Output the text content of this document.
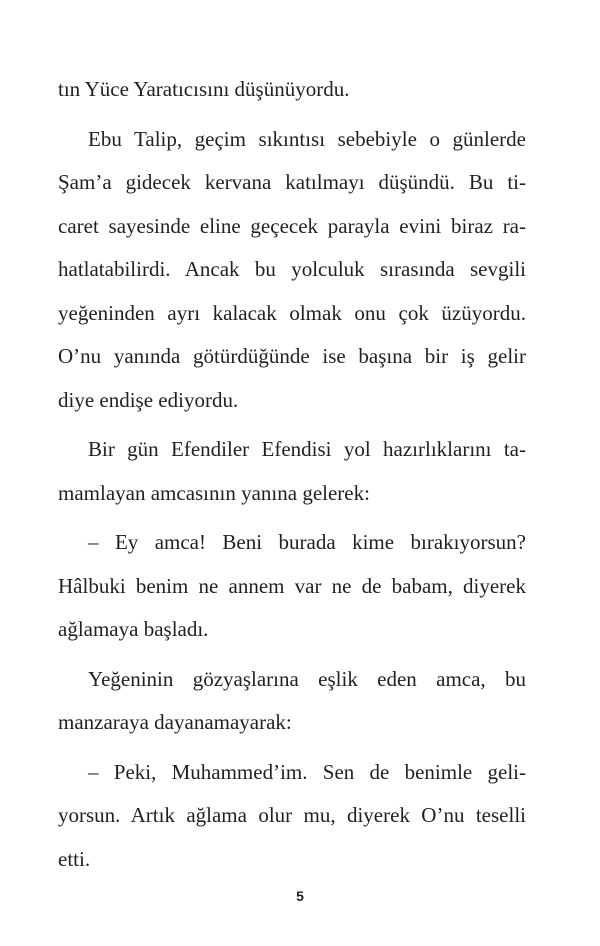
tın Yüce Yaratıcısını düşünüyordu.
Ebu Talip, geçim sıkıntısı sebebiyle o günlerde
Şam’a gidecek kervana katılmayı düşündü. Bu ti-
caret sayesinde eline geçecek parayla evini biraz ra-
hatlatabilirdi. Ancak bu yolculuk sırasında sevgili
yeğeninden ayrı kalacak olmak onu çok üzüyordu.
O’nu yanında götürdüğünde ise başına bir iş gelir
diye endişe ediyordu.
Bir gün Efendiler Efendisi yol hazırlıklarını ta-
mamlayan amcasının yanına gelerek:
– Ey amca! Beni burada kime bırakıyorsun?
Hâlbuki benim ne annem var ne de babam, diyerek
ağlamaya başladı.
Yeğeninin gözyaşlarına eşlik eden amca, bu
manzaraya dayanamayarak:
– Peki, Muhammed’im. Sen de benimle geli-
yorsun. Artık ağlama olur mu, diyerek O’nu teselli
etti.
5
